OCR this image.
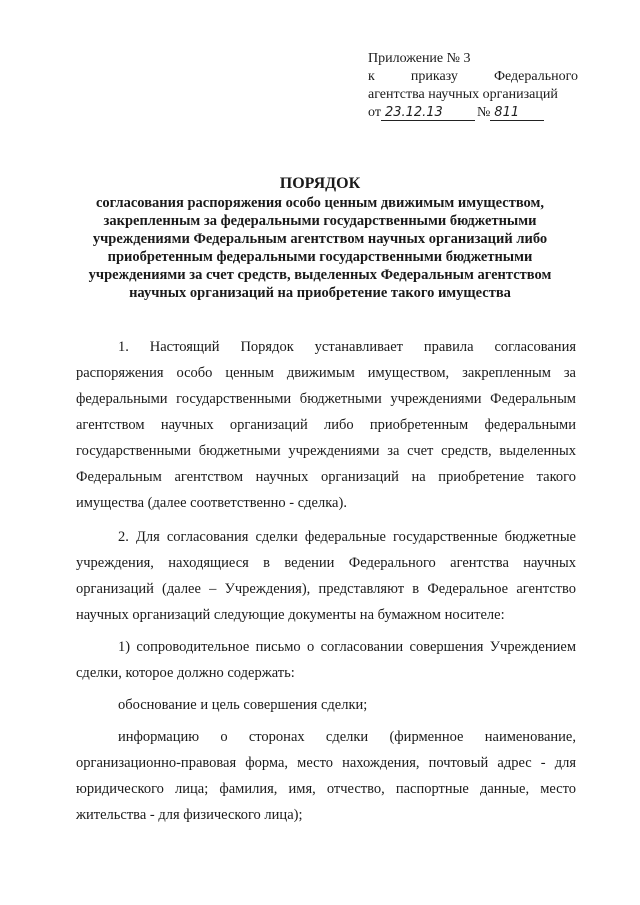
Приложение № 3
к	приказу	Федерального
агентства научных организаций
от 23.12.13	№ 811
ПОРЯДОК
согласования распоряжения особо ценным движимым имуществом, закрепленным за федеральными государственными бюджетными учреждениями Федеральным агентством научных организаций либо приобретенным федеральными государственными бюджетными учреждениями за счет средств, выделенных Федеральным агентством научных организаций на приобретение такого имущества

1. Настоящий Порядок устанавливает правила согласования распоряжения особо ценным движимым имуществом, закрепленным за федеральными государственными бюджетными учреждениями Федеральным агентством научных организаций либо приобретенным федеральными государственными бюджетными учреждениями за счет средств, выделенных Федеральным агентством научных организаций на приобретение такого имущества (далее соответственно - сделка).

2. Для согласования сделки федеральные государственные бюджетные учреждения, находящиеся в ведении Федерального агентства научных организаций (далее – Учреждения), представляют в Федеральное агентство научных организаций следующие документы на бумажном носителе:

1) сопроводительное письмо о согласовании совершения Учреждением сделки, которое должно содержать:

обоснование и цель совершения сделки;

информацию о сторонах сделки (фирменное наименование, организационно-правовая форма, место нахождения, почтовый адрес - для юридического лица; фамилия, имя, отчество, паспортные данные, место жительства - для физического лица);
